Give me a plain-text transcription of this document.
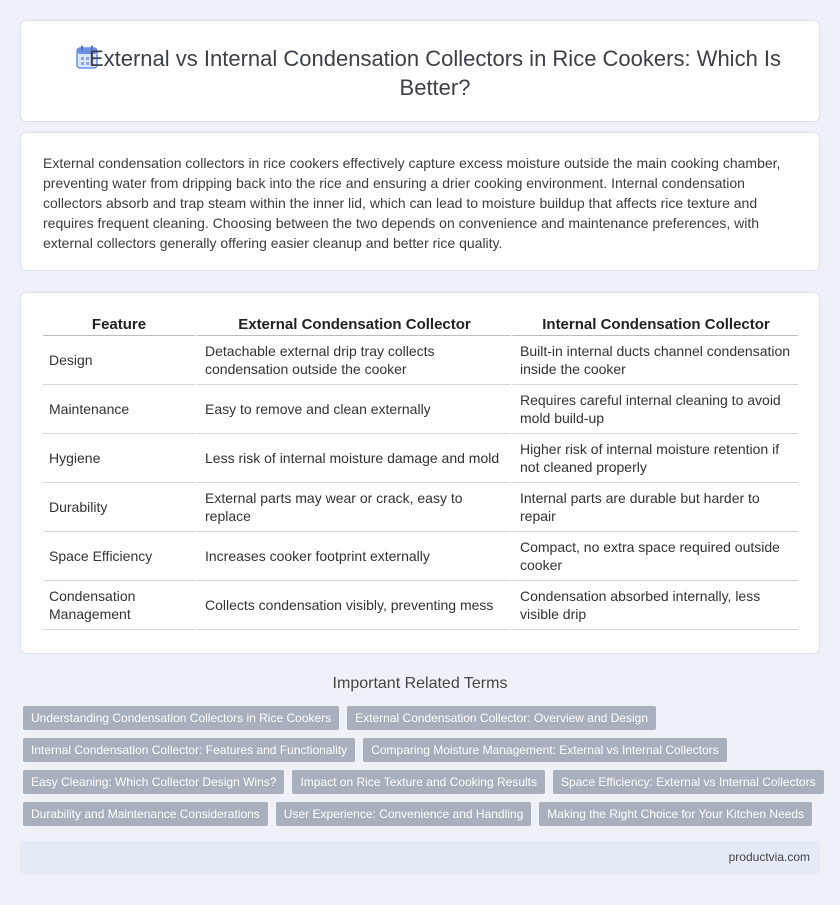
External vs Internal Condensation Collectors in Rice Cookers: Which Is Better?

External condensation collectors in rice cookers effectively capture excess moisture outside the main cooking chamber, preventing water from dripping back into the rice and ensuring a drier cooking environment. Internal condensation collectors absorb and trap steam within the inner lid, which can lead to moisture buildup that affects rice texture and requires frequent cleaning. Choosing between the two depends on convenience and maintenance preferences, with external collectors generally offering easier cleanup and better rice quality.

Feature	External Condensation Collector	Internal Condensation Collector
Design	Detachable external drip tray collects condensation outside the cooker	Built-in internal ducts channel condensation inside the cooker
Maintenance	Easy to remove and clean externally	Requires careful internal cleaning to avoid mold build-up
Hygiene	Less risk of internal moisture damage and mold	Higher risk of internal moisture retention if not cleaned properly
Durability	External parts may wear or crack, easy to replace	Internal parts are durable but harder to repair
Space Efficiency	Increases cooker footprint externally	Compact, no extra space required outside cooker
Condensation Management	Collects condensation visibly, preventing mess	Condensation absorbed internally, less visible drip
Important Related Terms
Understanding Condensation Collectors in Rice Cookers	External Condensation Collector: Overview and Design
Internal Condensation Collector: Features and Functionality	Comparing Moisture Management: External vs Internal Collectors
Easy Cleaning: Which Collector Design Wins?	Impact on Rice Texture and Cooking Results	Space Efficiency: External vs Internal Collectors
Durability and Maintenance Considerations	User Experience: Convenience and Handling	Making the Right Choice for Your Kitchen Needs
productvia.com
